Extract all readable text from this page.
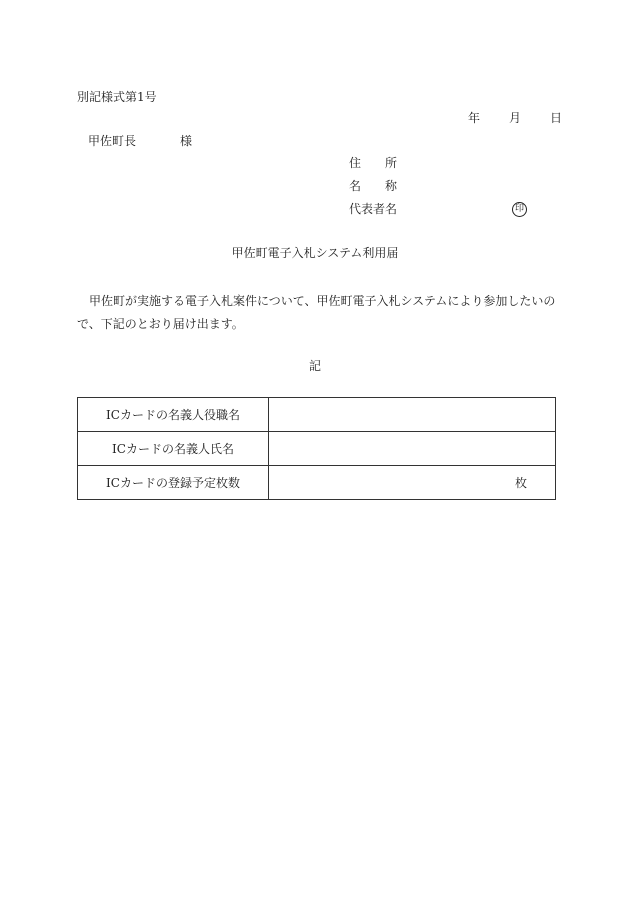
別記様式第1号
年 月 日
甲佐町長	様
住　　所
名　　称
代表者名	印
甲佐町電子入札システム利用届
甲佐町が実施する電子入札案件について、甲佐町電子入札システムにより参加したいので、下記のとおり届け出ます。
記
ICカードの名義人役職名	
ICカードの名義人氏名	
ICカードの登録予定枚数	枚
